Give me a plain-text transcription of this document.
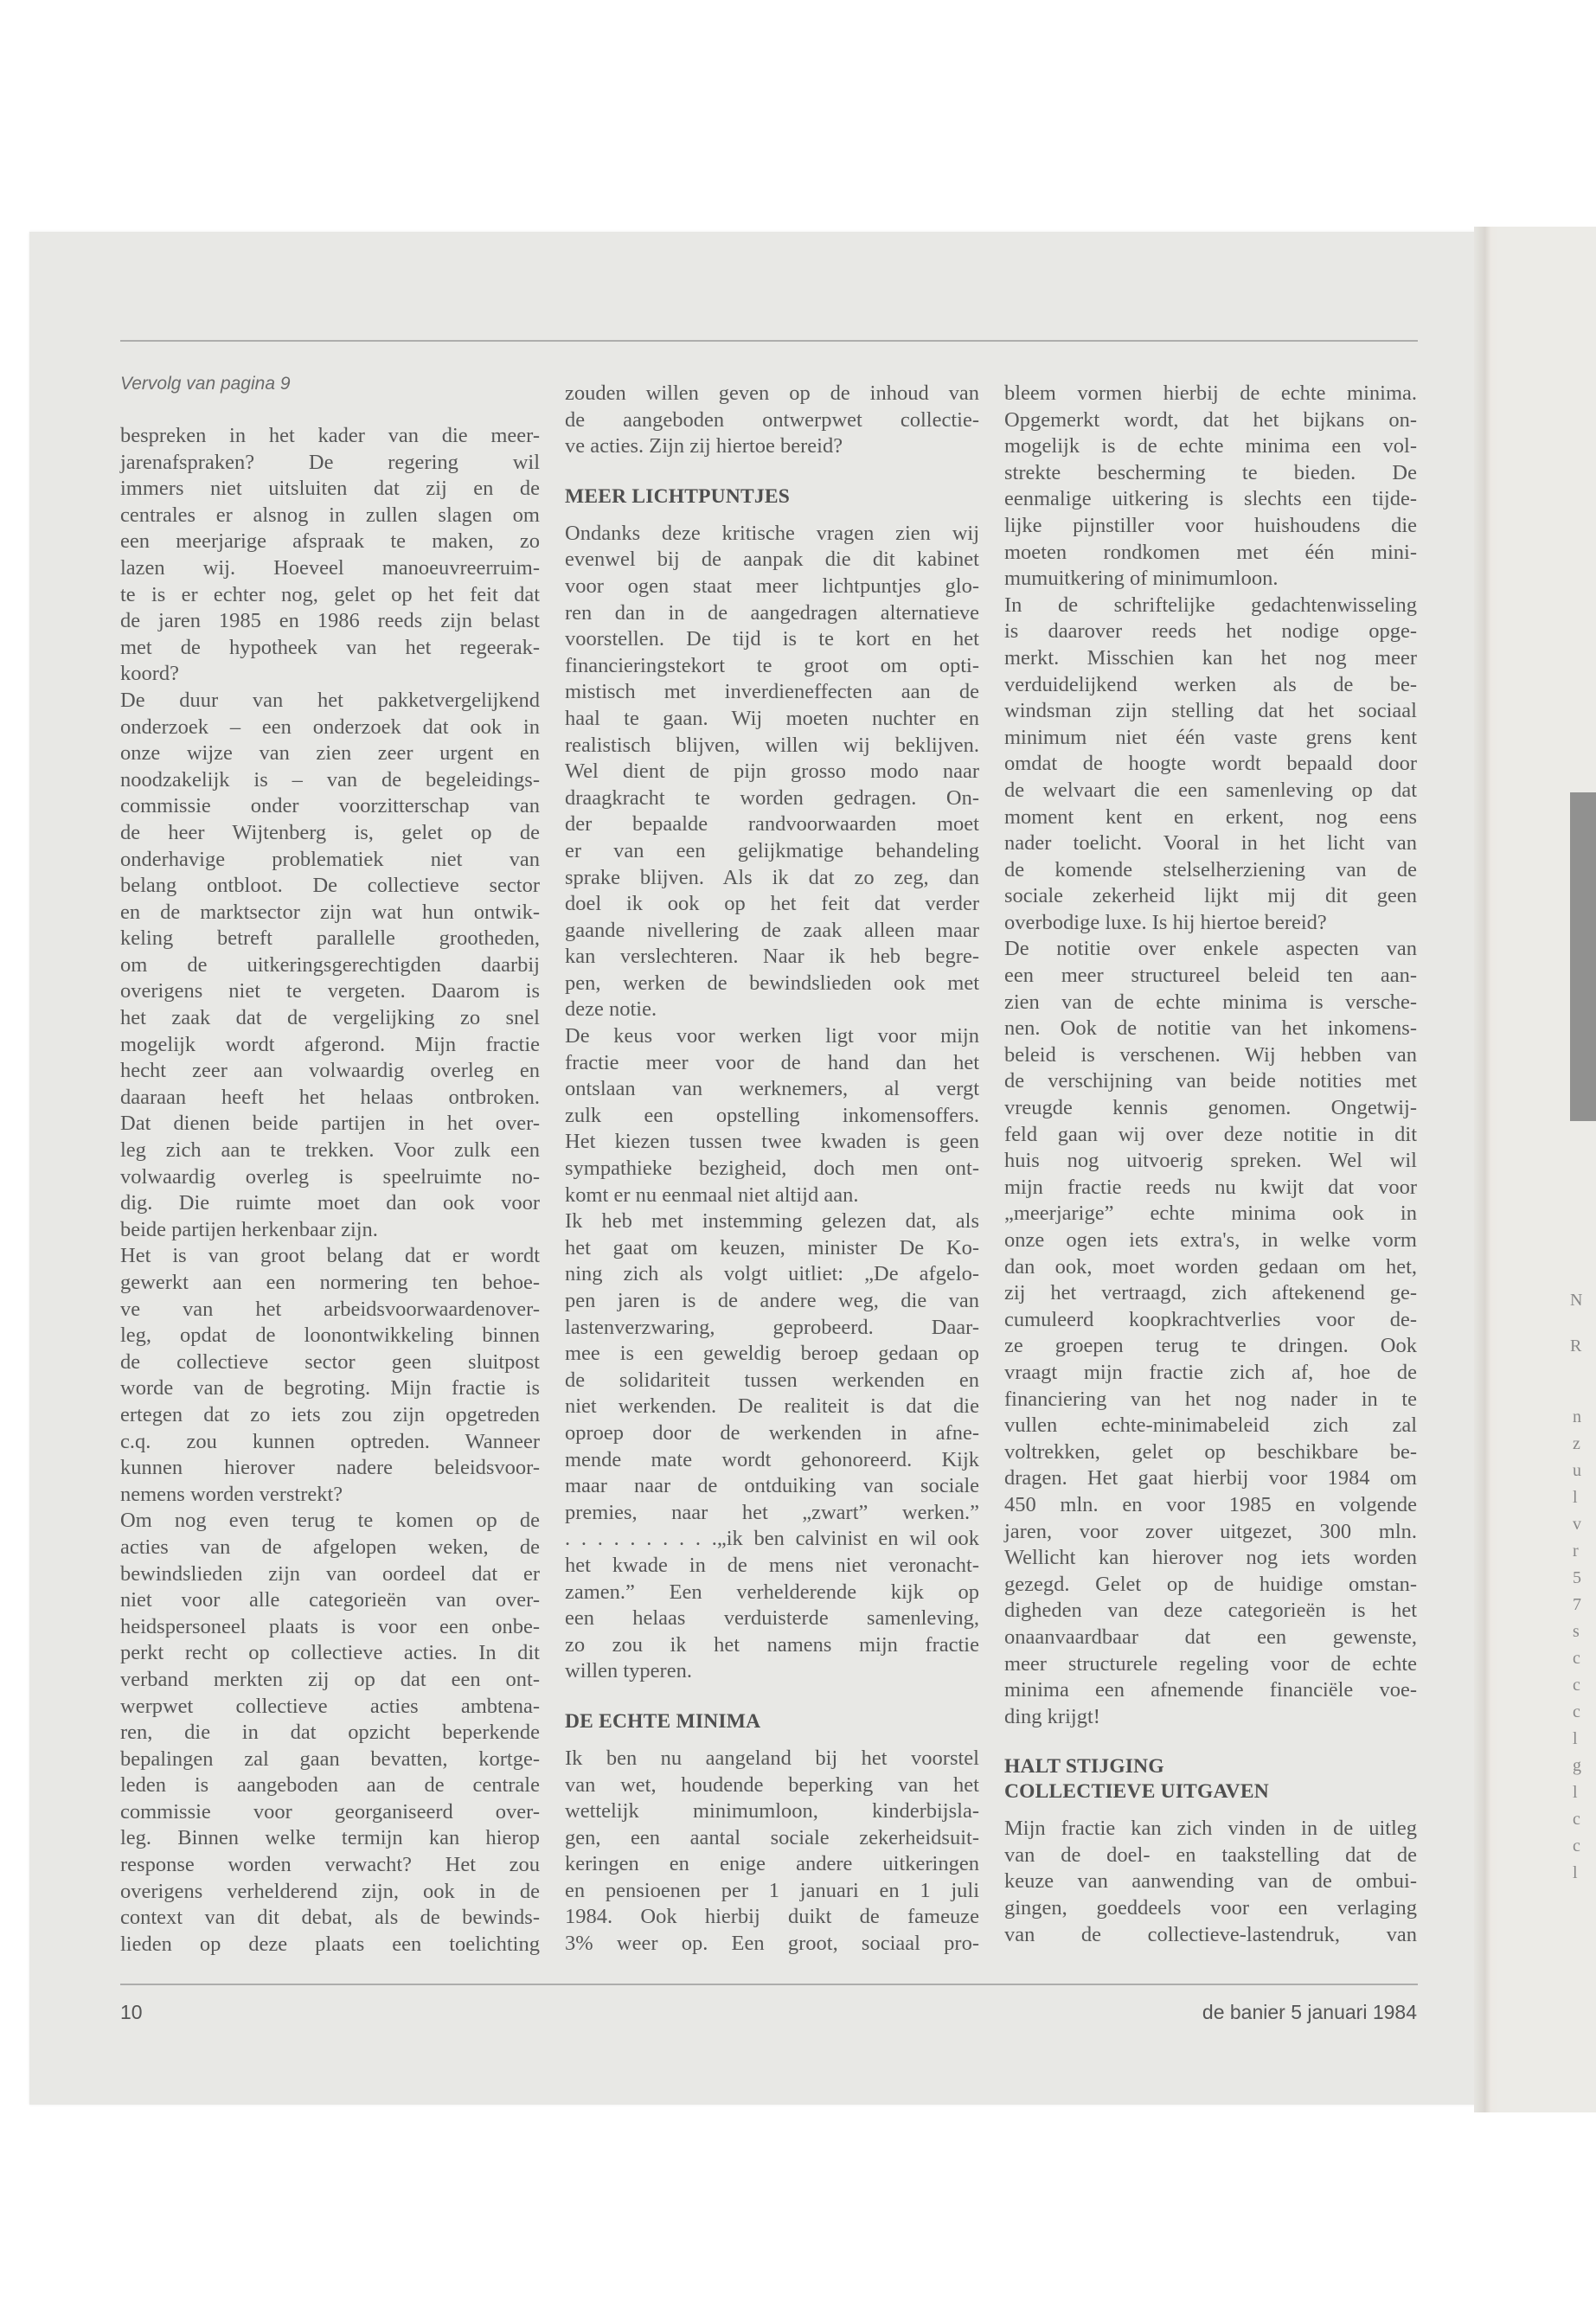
N
R
n
z
u
l
v
r
5
7
s
c
c
c
l
g
l
c
c
l
Vervolg van pagina 9
bespreken in het kader van die meer-
jarenafspraken? De regering wil
immers niet uitsluiten dat zij en de
centrales er alsnog in zullen slagen om
een meerjarige afspraak te maken, zo
lazen wij. Hoeveel manoeuvreerruim-
te is er echter nog, gelet op het feit dat
de jaren 1985 en 1986 reeds zijn belast
met de hypotheek van het regeerak-
koord?
De duur van het pakketvergelijkend
onderzoek – een onderzoek dat ook in
onze wijze van zien zeer urgent en
noodzakelijk is – van de begeleidings-
commissie onder voorzitterschap van
de heer Wijtenberg is, gelet op de
onderhavige problematiek niet van
belang ontbloot. De collectieve sector
en de marktsector zijn wat hun ontwik-
keling betreft parallelle grootheden,
om de uitkeringsgerechtigden daarbij
overigens niet te vergeten. Daarom is
het zaak dat de vergelijking zo snel
mogelijk wordt afgerond. Mijn fractie
hecht zeer aan volwaardig overleg en
daaraan heeft het helaas ontbroken.
Dat dienen beide partijen in het over-
leg zich aan te trekken. Voor zulk een
volwaardig overleg is speelruimte no-
dig. Die ruimte moet dan ook voor
beide partijen herkenbaar zijn.
Het is van groot belang dat er wordt
gewerkt aan een normering ten behoe-
ve van het arbeidsvoorwaardenover-
leg, opdat de loonontwikkeling binnen
de collectieve sector geen sluitpost
worde van de begroting. Mijn fractie is
ertegen dat zo iets zou zijn opgetreden
c.q. zou kunnen optreden. Wanneer
kunnen hierover nadere beleidsvoor-
nemens worden verstrekt?
Om nog even terug te komen op de
acties van de afgelopen weken, de
bewindslieden zijn van oordeel dat er
niet voor alle categorieën van over-
heidspersoneel plaats is voor een onbe-
perkt recht op collectieve acties. In dit
verband merkten zij op dat een ont-
werpwet collectieve acties ambtena-
ren, die in dat opzicht beperkende
bepalingen zal gaan bevatten, kortge-
leden is aangeboden aan de centrale
commissie voor georganiseerd over-
leg. Binnen welke termijn kan hierop
response worden verwacht? Het zou
overigens verhelderend zijn, ook in de
context van dit debat, als de bewinds-
lieden op deze plaats een toelichting
zouden willen geven op de inhoud van
de aangeboden ontwerpwet collectie-
ve acties. Zijn zij hiertoe bereid?
MEER LICHTPUNTJES
Ondanks deze kritische vragen zien wij
evenwel bij de aanpak die dit kabinet
voor ogen staat meer lichtpuntjes glo-
ren dan in de aangedragen alternatieve
voorstellen. De tijd is te kort en het
financieringstekort te groot om opti-
mistisch met inverdieneffecten aan de
haal te gaan. Wij moeten nuchter en
realistisch blijven, willen wij beklijven.
Wel dient de pijn grosso modo naar
draagkracht te worden gedragen. On-
der bepaalde randvoorwaarden moet
er van een gelijkmatige behandeling
sprake blijven. Als ik dat zo zeg, dan
doel ik ook op het feit dat verder
gaande nivellering de zaak alleen maar
kan verslechteren. Naar ik heb begre-
pen, werken de bewindslieden ook met
deze notie.
De keus voor werken ligt voor mijn
fractie meer voor de hand dan het
ontslaan van werknemers, al vergt
zulk een opstelling inkomensoffers.
Het kiezen tussen twee kwaden is geen
sympathieke bezigheid, doch men ont-
komt er nu eenmaal niet altijd aan.
Ik heb met instemming gelezen dat, als
het gaat om keuzen, minister De Ko-
ning zich als volgt uitliet: „De afgelo-
pen jaren is de andere weg, die van
lastenverzwaring, geprobeerd. Daar-
mee is een geweldig beroep gedaan op
de solidariteit tussen werkenden en
niet werkenden. De realiteit is dat die
oproep door de werkenden in afne-
mende mate wordt gehonoreerd. Kijk
maar naar de ontduiking van sociale
premies, naar het „zwart” werken.”
. . . . . . . . . .„ik ben calvinist en wil ook
het kwade in de mens niet veronacht-
zamen.” Een verhelderende kijk op
een helaas verduisterde samenleving,
zo zou ik het namens mijn fractie
willen typeren.
DE ECHTE MINIMA
Ik ben nu aangeland bij het voorstel
van wet, houdende beperking van het
wettelijk minimumloon, kinderbijsla-
gen, een aantal sociale zekerheidsuit-
keringen en enige andere uitkeringen
en pensioenen per 1 januari en 1 juli
1984. Ook hierbij duikt de fameuze
3% weer op. Een groot, sociaal pro-
bleem vormen hierbij de echte minima.
Opgemerkt wordt, dat het bijkans on-
mogelijk is de echte minima een vol-
strekte bescherming te bieden. De
eenmalige uitkering is slechts een tijde-
lijke pijnstiller voor huishoudens die
moeten rondkomen met één mini-
mumuitkering of minimumloon.
In de schriftelijke gedachtenwisseling
is daarover reeds het nodige opge-
merkt. Misschien kan het nog meer
verduidelijkend werken als de be-
windsman zijn stelling dat het sociaal
minimum niet één vaste grens kent
omdat de hoogte wordt bepaald door
de welvaart die een samenleving op dat
moment kent en erkent, nog eens
nader toelicht. Vooral in het licht van
de komende stelselherziening van de
sociale zekerheid lijkt mij dit geen
overbodige luxe. Is hij hiertoe bereid?
De notitie over enkele aspecten van
een meer structureel beleid ten aan-
zien van de echte minima is versche-
nen. Ook de notitie van het inkomens-
beleid is verschenen. Wij hebben van
de verschijning van beide notities met
vreugde kennis genomen. Ongetwij-
feld gaan wij over deze notitie in dit
huis nog uitvoerig spreken. Wel wil
mijn fractie reeds nu kwijt dat voor
„meerjarige” echte minima ook in
onze ogen iets extra's, in welke vorm
dan ook, moet worden gedaan om het,
zij het vertraagd, zich aftekenend ge-
cumuleerd koopkrachtverlies voor de-
ze groepen terug te dringen. Ook
vraagt mijn fractie zich af, hoe de
financiering van het nog nader in te
vullen echte-minimabeleid zich zal
voltrekken, gelet op beschikbare be-
dragen. Het gaat hierbij voor 1984 om
450 mln. en voor 1985 en volgende
jaren, voor zover uitgezet, 300 mln.
Wellicht kan hierover nog iets worden
gezegd. Gelet op de huidige omstan-
digheden van deze categorieën is het
onaanvaardbaar dat een gewenste,
meer structurele regeling voor de echte
minima een afnemende financiële voe-
ding krijgt!
HALT STIJGING COLLECTIEVE UITGAVEN
Mijn fractie kan zich vinden in de uitleg
van de doel- en taakstelling dat de
keuze van aanwending van de ombui-
gingen, goeddeels voor een verlaging
van de collectieve-lastendruk, van
10	de banier 5 januari 1984
